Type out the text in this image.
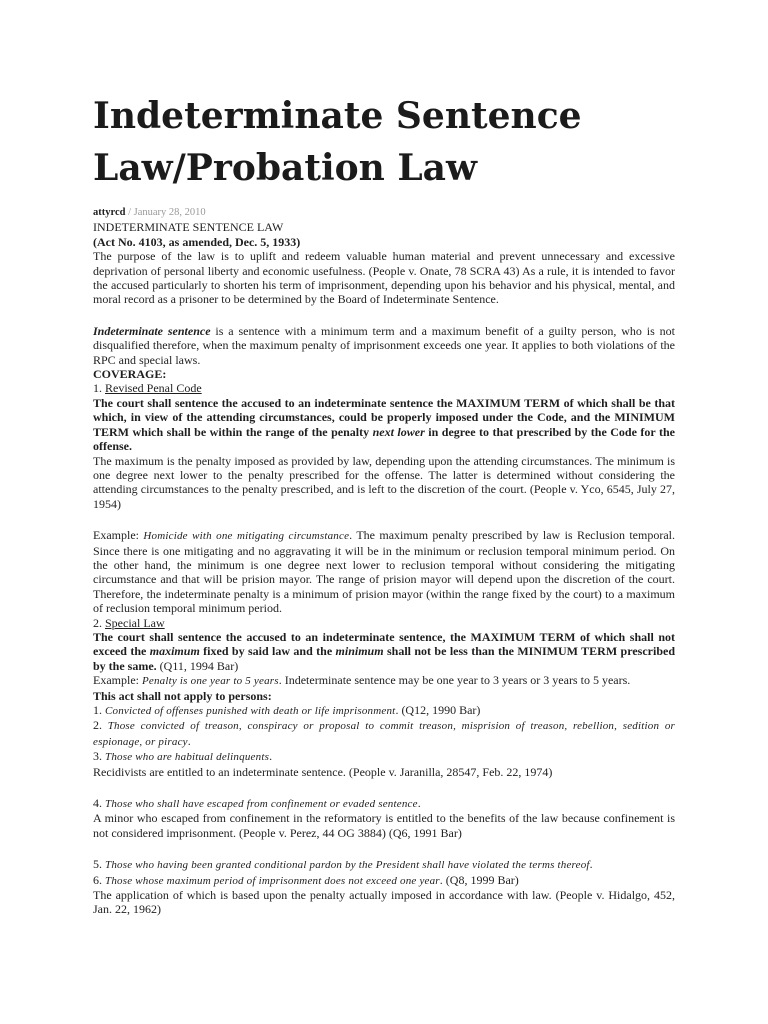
Indeterminate Sentence Law/Probation Law

attyrcd / January 28, 2010

INDETERMINATE SENTENCE LAW

(Act No. 4103, as amended, Dec. 5, 1933)

The purpose of the law is to uplift and redeem valuable human material and prevent unnecessary and excessive deprivation of personal liberty and economic usefulness. (People v. Onate, 78 SCRA 43) As a rule, it is intended to favor the accused particularly to shorten his term of imprisonment, depending upon his behavior and his physical, mental, and moral record as a prisoner to be determined by the Board of Indeterminate Sentence.

Indeterminate sentence is a sentence with a minimum term and a maximum benefit of a guilty person, who is not disqualified therefore, when the maximum penalty of imprisonment exceeds one year. It applies to both violations of the RPC and special laws.

COVERAGE:

1. Revised Penal Code

The court shall sentence the accused to an indeterminate sentence the MAXIMUM TERM of which shall be that which, in view of the attending circumstances, could be properly imposed under the Code, and the MINIMUM TERM which shall be within the range of the penalty next lower in degree to that prescribed by the Code for the offense.

The maximum is the penalty imposed as provided by law, depending upon the attending circumstances. The minimum is one degree next lower to the penalty prescribed for the offense. The latter is determined without considering the attending circumstances to the penalty prescribed, and is left to the discretion of the court. (People v. Yco, 6545, July 27, 1954)

Example: Homicide with one mitigating circumstance. The maximum penalty prescribed by law is Reclusion temporal. Since there is one mitigating and no aggravating it will be in the minimum or reclusion temporal minimum period. On the other hand, the minimum is one degree next lower to reclusion temporal without considering the mitigating circumstance and that will be prision mayor. The range of prision mayor will depend upon the discretion of the court. Therefore, the indeterminate penalty is a minimum of prision mayor (within the range fixed by the court) to a maximum of reclusion temporal minimum period.

2. Special Law

The court shall sentence the accused to an indeterminate sentence, the MAXIMUM TERM of which shall not exceed the maximum fixed by said law and the minimum shall not be less than the MINIMUM TERM prescribed by the same. (Q11, 1994 Bar)

Example: Penalty is one year to 5 years. Indeterminate sentence may be one year to 3 years or 3 years to 5 years.

This act shall not apply to persons:

1. Convicted of offenses punished with death or life imprisonment. (Q12, 1990 Bar)

2. Those convicted of treason, conspiracy or proposal to commit treason, misprision of treason, rebellion, sedition or espionage, or piracy.

3. Those who are habitual delinquents.

Recidivists are entitled to an indeterminate sentence. (People v. Jaranilla, 28547, Feb. 22, 1974)

4. Those who shall have escaped from confinement or evaded sentence.

A minor who escaped from confinement in the reformatory is entitled to the benefits of the law because confinement is not considered imprisonment. (People v. Perez, 44 OG 3884) (Q6, 1991 Bar)

5. Those who having been granted conditional pardon by the President shall have violated the terms thereof.

6. Those whose maximum period of imprisonment does not exceed one year. (Q8, 1999 Bar)

The application of which is based upon the penalty actually imposed in accordance with law. (People v. Hidalgo, 452, Jan. 22, 1962)
